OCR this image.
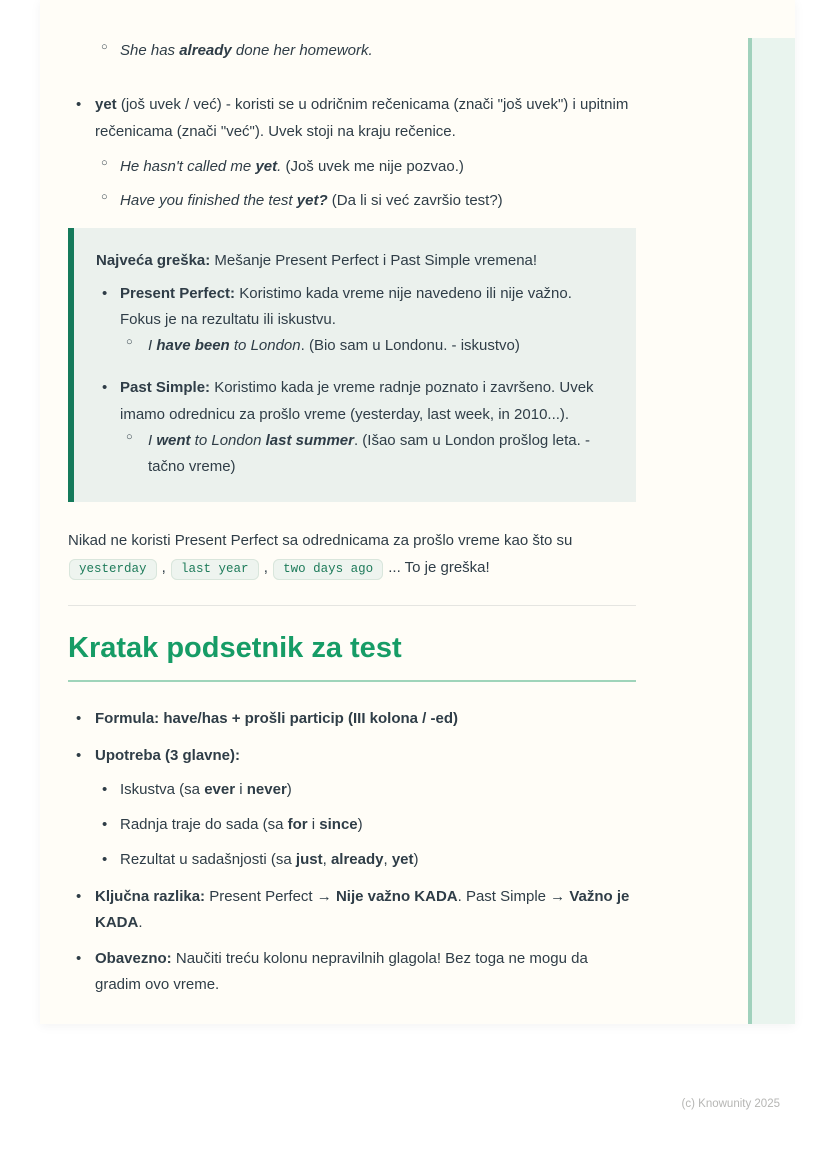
○ She has already done her homework.
• yet (još uvek / već) - koristi se u odričnim rečenicama (znači "još uvek") i upitnim rečenicama (znači "već"). Uvek stoji na kraju rečenice.
○ He hasn't called me yet. (Još uvek me nije pozvao.)
○ Have you finished the test yet? (Da li si već završio test?)
Najveća greška: Mešanje Present Perfect i Past Simple vremena!
• Present Perfect: Koristimo kada vreme nije navedeno ili nije važno. Fokus je na rezultatu ili iskustvu.
○ I have been to London. (Bio sam u Londonu. - iskustvo)
• Past Simple: Koristimo kada je vreme radnje poznato i završeno. Uvek imamo odrednicu za prošlo vreme (yesterday, last week, in 2010...).
○ I went to London last summer. (Išao sam u London prošlog leta. - tačno vreme)

Nikad ne koristi Present Perfect sa odrednicama za prošlo vreme kao što su yesterday , last year , two days ago ... To je greška!

Kratak podsetnik za test
• Formula: have/has + prošli particip (III kolona / -ed)
• Upotreba (3 glavne):
• Iskustva (sa ever i never)
• Radnja traje do sada (sa for i since)
• Rezultat u sadašnjosti (sa just, already, yet)
• Ključna razlika: Present Perfect → Nije važno KADA. Past Simple → Važno je KADA.
• Obavezno: Naučiti treću kolonu nepravilnih glagola! Bez toga ne mogu da gradim ovo vreme.
(c) Knowunity 2025
